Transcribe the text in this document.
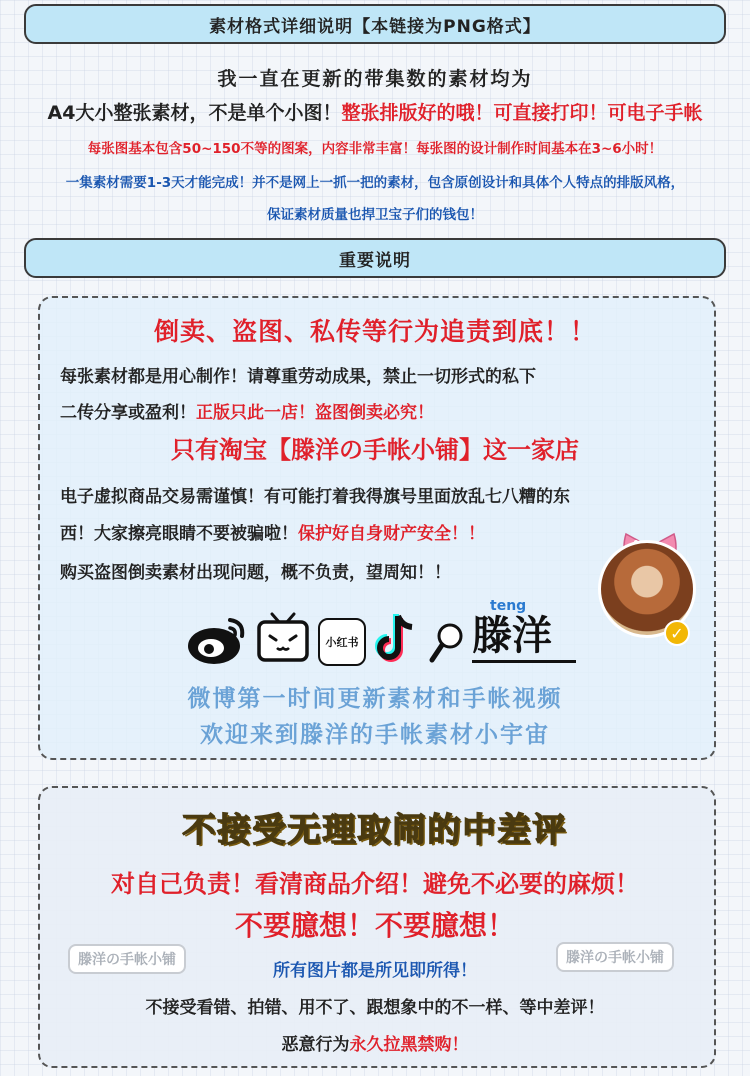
素材格式详细说明【本链接为PNG格式】
我一直在更新的带集数的素材均为
A4大小整张素材，不是单个小图！整张排版好的哦！可直接打印！可电子手帐
每张图基本包含50~150不等的图案，内容非常丰富！每张图的设计制作时间基本在3~6小时！
一集素材需要1-3天才能完成！并不是网上一抓一把的素材，包含原创设计和具体个人特点的排版风格，
保证素材质量也捍卫宝子们的钱包！
重要说明
倒卖、盗图、私传等行为追责到底！！
每张素材都是用心制作！请尊重劳动成果，禁止一切形式的私下
二传分享或盈利！正版只此一店！盗图倒卖必究！
只有淘宝【滕洋の手帐小铺】这一家店
电子虚拟商品交易需谨慎！有可能打着我得旗号里面放乱七八糟的东
西！大家擦亮眼睛不要被骗啦！保护好自身财产安全！！
购买盗图倒卖素材出现问题，概不负责，望周知！！
✓
小红书
teng
滕洋
微博第一时间更新素材和手帐视频
欢迎来到滕洋的手帐素材小宇宙
不接受无理取闹的中差评
对自己负责！看清商品介绍！避免不必要的麻烦！
不要臆想！不要臆想！
滕洋の手帐小铺	滕洋の手帐小铺
所有图片都是所见即所得！
不接受看错、拍错、用不了、跟想象中的不一样、等中差评！
恶意行为永久拉黑禁购！
